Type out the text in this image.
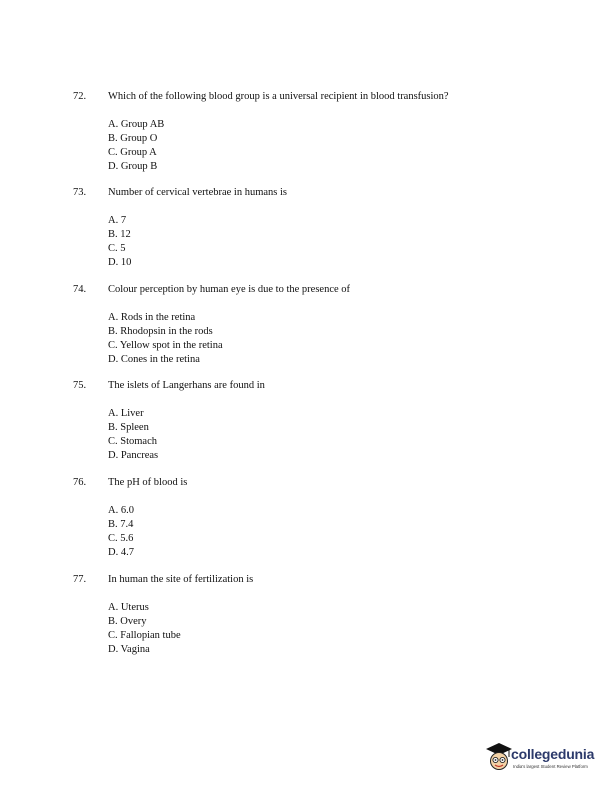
72. Which of the following blood group is a universal recipient in blood transfusion?
A. Group AB
B. Group O
C. Group A
D. Group B
73. Number of cervical vertebrae in humans is
A. 7
B. 12
C. 5
D. 10
74. Colour perception by human eye is due to the presence of
A. Rods in the retina
B. Rhodopsin in the rods
C. Yellow spot in the retina
D. Cones in the retina
75. The islets of Langerhans are found in
A. Liver
B. Spleen
C. Stomach
D. Pancreas
76. The pH of blood is
A. 6.0
B. 7.4
C. 5.6
D. 4.7
77. In human the site of fertilization is
A. Uterus
B. Overy
C. Fallopian tube
D. Vagina
collegedunia
India's largest Student Review Platform
